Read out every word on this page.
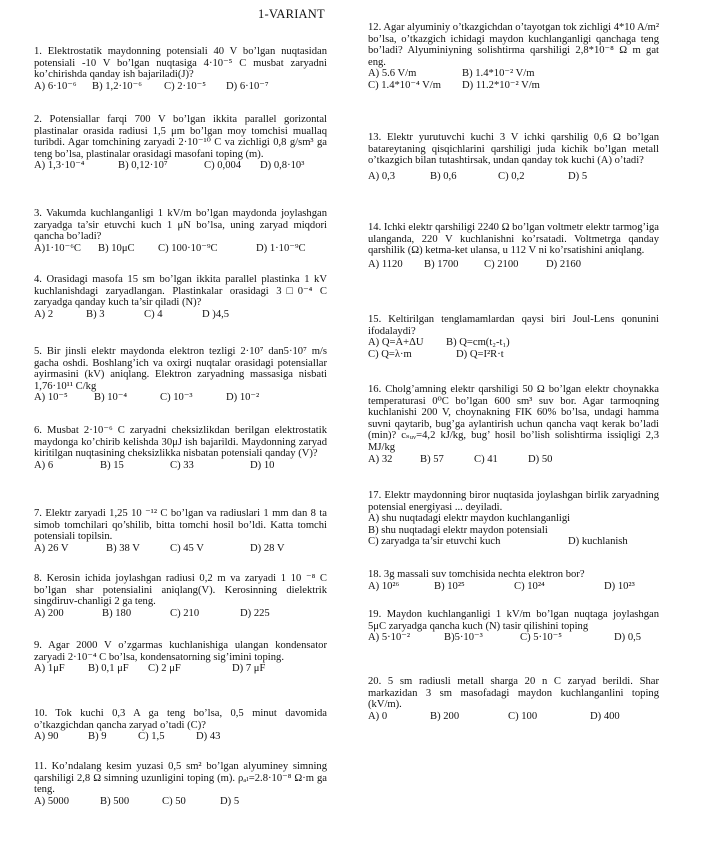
1-VARIANT
1. Elektrostatik maydonning potensiali 40 V bo’lgan nuqtasidan potensiali -10 V bo’lgan nuqtasiga 4·10⁻⁵ C musbat zaryadni ko’chirishda qanday ish bajariladi(J)?
A) 6·10⁻⁶ B) 1,2·10⁻⁶ C) 2·10⁻⁵ D) 6·10⁻⁷
2. Potensiallar farqi 700 V bo’lgan ikkita parallel gorizontal plastinalar orasida radiusi 1,5 μm bo’lgan moy tomchisi muallaq turibdi. Agar tomchining zaryadi 2·10⁻¹⁰ C va zichligi 0,8 g/sm³ ga teng bo’lsa, plastinalar orasidagi masofani toping (m).
A) 1,3·10⁻⁴	B) 0,12·10⁷	C) 0,004 D) 0,8·10³
3. Vakumda kuchlanganligi 1 kV/m bo’lgan maydonda joylashgan zaryadga ta’sir etuvchi kuch 1 μN bo’lsa, uning zaryad miqdori qancha bo’ladi?
A)1·10⁻⁶C B) 10μC C) 100·10⁻⁹C	D) 1·10⁻⁹C
4. Orasidagi masofa 15 sm bo’lgan ikkita parallel plastinka 1 kV kuchlanishdagi zaryadlangan. Plastinkalar orasidagi 3□0⁻⁴ C zaryadga qanday kuch ta’sir qiladi (N)?
A) 2	B) 3	C) 4	D )4,5
5. Bir jinsli elektr maydonda elektron tezligi 2·10⁷ dan5·10⁷ m/s gacha oshdi. Boshlang’ich va oxirgi nuqtalar orasidagi potensiallar ayirmasini (kV) aniqlang. Elektron zaryadning massasiga nisbati 1,76·10¹¹ C/kg
A) 10⁻⁵ B) 10⁻⁴	C) 10⁻³	D) 10⁻²
6. Musbat 2·10⁻⁶ C zaryadni cheksizlikdan berilgan elektrostatik maydonga ko’chirib kelishda 30μJ ish bajarildi. Maydonning zaryad kiritilgan nuqtasining cheksizlikka nisbatan potensiali qanday (V)?
A) 6	B) 15	C) 33	D) 10
7. Elektr zaryadi 1,25 10 ⁻¹² C bo’lgan va radiuslari 1 mm dan 8 ta simob tomchilari qo’shilib, bitta tomchi hosil bo’ldi. Katta tomchi potensiali topilsin.
A) 26 V	B) 38 V	C) 45 V	D) 28 V
8. Kerosin ichida joylashgan radiusi 0,2 m va zaryadi 1 10 ⁻⁸ C bo’lgan shar potensialini aniqlang(V). Kerosinning dielektrik singdiruv-chanligi 2 ga teng.
A) 200	B) 180	C) 210	D) 225
9. Agar 2000 V o’zgarmas kuchlanishiga ulangan kondensator zaryadi 2·10⁻⁴ C bo’lsa, kondensatorning sig’imini toping.
A) 1μF B) 0,1 μF C) 2 μF	D) 7 μF
10. Tok kuchi 0,3 A ga teng bo’lsa, 0,5 minut davomida o’tkazgichdan qancha zaryad o’tadi (C)?
A) 90	B) 9	C) 1,5	D) 43
11. Ko’ndalang kesim yuzasi 0,5 sm² bo’lgan alyuminey simning qarshiligi 2,8 Ω simning uzunligini toping (m). ρₐₗ=2.8·10⁻⁸ Ω·m ga teng.
A) 5000	B) 500	C) 50	D) 5
12. Agar alyuminiy o’tkazgichdan o’tayotgan tok zichligi 4*10 A/m² bo’lsa, o’tkazgich ichidagi maydon kuchlanganligi qanchaga teng bo’ladi? Alyuminiyning solishtirma qarshiligi 2,8*10⁻⁸ Ω m gat eng.
A) 5.6 V/m	B) 1.4*10⁻² V/m
C) 1.4*10⁻⁴ V/m D) 11.2*10⁻² V/m
13. Elektr yurutuvchi kuchi 3 V ichki qarshilig 0,6 Ω bo’lgan batareytaning qisqichlarini qarshiligi juda kichik bo’lgan metall o’tkazgich bilan tutashtirsak, undan qanday tok kuchi (A) o’tadi?
A) 0,3	B) 0,6	C) 0,2	D) 5
14. Ichki elektr qarshiligi 2240 Ω bo’lgan voltmetr elektr tarmog’iga ulanganda, 220 V kuchlanishni ko’rsatadi. Voltmetrga qanday qarshilik (Ω) ketma-ket ulansa, u 112 V ni ko’rsatishini aniqlang.
A) 1120 B) 1700 C) 2100	D) 2160
15. Keltirilgan tenglamamlardan qaysi biri Joul-Lens qonunini ifodalaydi?
A) Q=A+ΔU B) Q=cm(t₂-t₁)
C) Q=λ·m	D) Q=I²R·t
16. Cholg’amning elektr qarshiligi 50 Ω bo’lgan elektr choynakka temperaturasi 0⁰C bo’lgan 600 sm³ suv bor. Agar tarmoqning kuchlanishi 200 V, choynakning FIK 60% bo’lsa, undagi hamma suvni qaytarib, bug’ga aylantirish uchun qancha vaqt kerak bo’ladi (min)? cₛᵤᵥ=4,2 kJ/kg, bug’ hosil bo’lish solishtirma issiqligi 2,3 MJ/kg
A) 32	B) 57	C) 41	D) 50
17. Elektr maydonning biror nuqtasida joylashgan birlik zaryadning potensial energiyasi ... deyiladi.
A) shu nuqtadagi elektr maydon kuchlanganligi
B) shu nuqtadagi elektr maydon potensiali
C) zaryadga ta’sir etuvchi kuch	D) kuchlanish
18. 3g massali suv tomchisida nechta elektron bor?
A) 10²⁶	B) 10²⁵	C) 10²⁴	D) 10²³
19. Maydon kuchlanganligi 1 kV/m bo’lgan nuqtaga joylashgan 5μC zaryadga qancha kuch (N) tasir qilishini toping
A) 5·10⁻²	B)5·10⁻³	C) 5·10⁻⁵	D) 0,5
20. 5 sm radiusli metall sharga 20 n C zaryad berildi. Shar markazidan 3 sm masofadagi maydon kuchlanganlini toping (kV/m).
A) 0	B) 200	C) 100	D) 400
